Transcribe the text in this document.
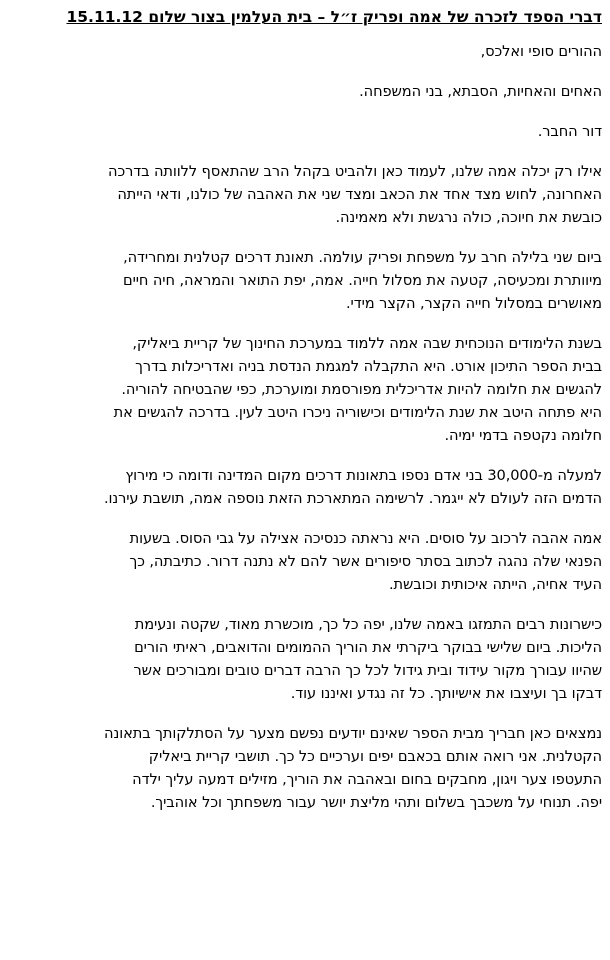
דברי הספד לזכרה של אמה ופריק ז״ל – בית העלמין בצור שלום 15.11.12
ההורים סופי ואלכס,
האחים והאחיות, הסבתא, בני המשפחה.
דור החבר.
אילו רק יכלה אמה שלנו, לעמוד כאן ולהביט בקהל הרב שהתאסף ללוותה בדרכה
האחרונה, לחוש מצד אחד את הכאב ומצד שני את האהבה של כולנו, ודאי הייתה
כובשת את חיוכה, כולה נרגשת ולא מאמינה.
ביום שני בלילה חרב על משפחת ופריק עולמה. תאונת דרכים קטלנית ומחרידה,
מיוותרת ומכעיסה, קטעה את מסלול חייה. אמה, יפת התואר והמראה, חיה חיים
מאושרים במסלול חייה הקצר, הקצר מידי.
בשנת הלימודים הנוכחית שבה אמה ללמוד במערכת החינוך של קריית ביאליק,
בבית הספר התיכון אורט. היא התקבלה למגמת הנדסת בניה ואדריכלות בדרך
להגשים את חלומה להיות אדריכלית מפורסמת ומוערכת, כפי שהבטיחה להוריה.
היא פתחה היטב את שנת הלימודים וכישוריה ניכרו היטב לעין. בדרכה להגשים את
חלומה נקטפה בדמי ימיה.
למעלה מ-30,000 בני אדם נספו בתאונות דרכים מקום המדינה ודומה כי מירוץ
הדמים הזה לעולם לא ייגמר. לרשימה המתארכת הזאת נוספה אמה, תושבת עירנו.
אמה אהבה לרכוב על סוסים. היא נראתה כנסיכה אצילה על גבי הסוס. בשעות
הפנאי שלה נהגה לכתוב בסתר סיפורים אשר להם לא נתנה דרור. כתיבתה, כך
העיד אחיה, הייתה איכותית וכובשת.
כישרונות רבים התמזגו באמה שלנו, יפה כל כך, מוכשרת מאוד, שקטה ונעימת
הליכות. ביום שלישי בבוקר ביקרתי את הוריך ההמומים והדואבים, ראיתי הורים
שהיוו עבורך מקור עידוד ובית גידול לכל כך הרבה דברים טובים ומבורכים אשר
דבקו בך ועיצבו את אישיותך. כל זה נגדע ואיננו עוד.
נמצאים כאן חבריך מבית הספר שאינם יודעים נפשם מצער על הסתלקותך בתאונה
הקטלנית. אני רואה אותם בכאבם יפים וערכיים כל כך. תושבי קריית ביאליק
התעטפו צער ויגון, מחבקים בחום ובאהבה את הוריך, מזילים דמעה עליך ילדה
יפה. תנוחי על משכבך בשלום ותהי מליצת יושר עבור משפחתך וכל אוהביך.
